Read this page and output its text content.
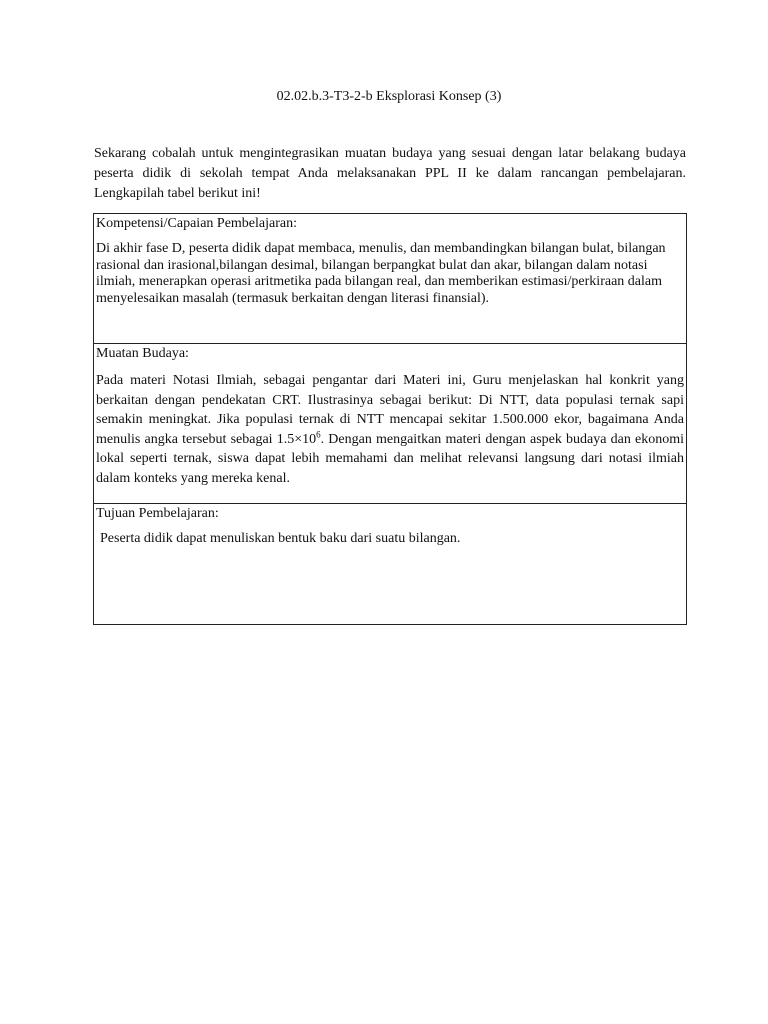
02.02.b.3-T3-2-b Eksplorasi Konsep (3)

Sekarang cobalah untuk mengintegrasikan muatan budaya yang sesuai dengan latar belakang budaya peserta didik di sekolah tempat Anda melaksanakan PPL II ke dalam rancangan pembelajaran. Lengkapilah tabel berikut ini!

Kompetensi/Capaian Pembelajaran:

Di akhir fase D, peserta didik dapat membaca, menulis, dan membandingkan bilangan bulat, bilangan rasional dan irasional,bilangan desimal, bilangan berpangkat bulat dan akar, bilangan dalam notasi ilmiah, menerapkan operasi aritmetika pada bilangan real, dan memberikan estimasi/perkiraan dalam menyelesaikan masalah (termasuk berkaitan dengan literasi finansial).

Muatan Budaya:

Pada materi Notasi Ilmiah, sebagai pengantar dari Materi ini, Guru menjelaskan hal konkrit yang berkaitan dengan pendekatan CRT. Ilustrasinya sebagai berikut: Di NTT, data populasi ternak sapi semakin meningkat. Jika populasi ternak di NTT mencapai sekitar 1.500.000 ekor, bagaimana Anda menulis angka tersebut sebagai $1.5\times 10^6$. Dengan mengaitkan materi dengan aspek budaya dan ekonomi lokal seperti ternak, siswa dapat lebih memahami dan melihat relevansi langsung dari notasi ilmiah dalam konteks yang mereka kenal.

Tujuan Pembelajaran:

Peserta didik dapat menuliskan bentuk baku dari suatu bilangan.
